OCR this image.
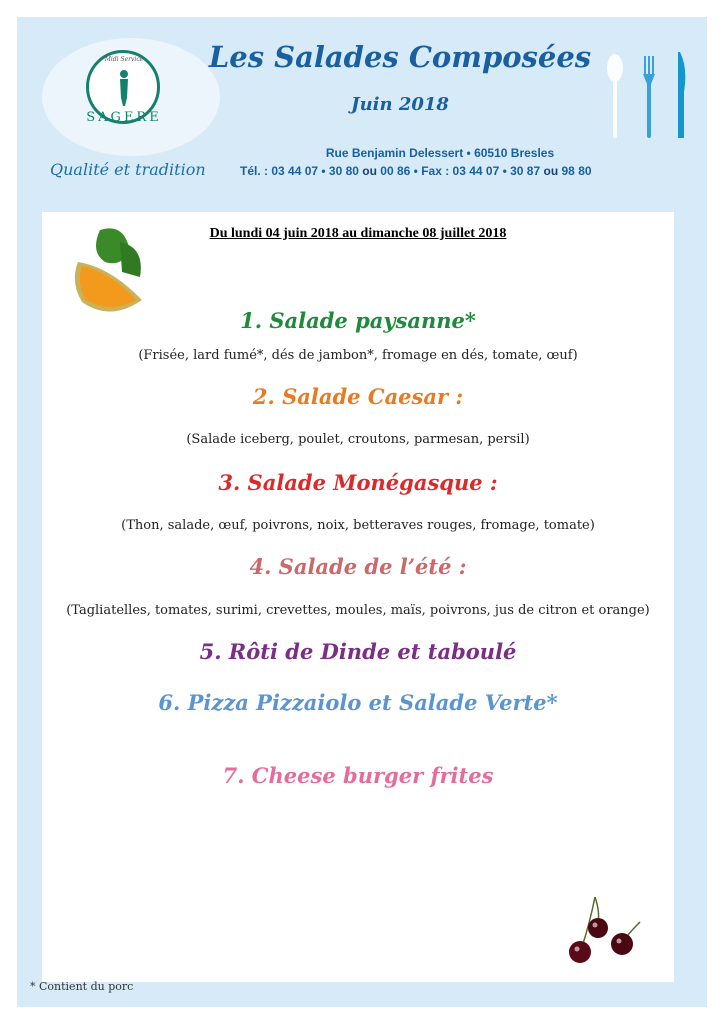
Midi Service
SAGERE
Qualité et tradition
Les Salades Composées
Juin 2018
Rue Benjamin Delessert • 60510 Bresles
Tél. : 03 44 07 • 30 80 ou 00 86 • Fax : 03 44 07 • 30 87 ou 98 80
Du lundi 04 juin 2018 au dimanche 08 juillet 2018
1. Salade paysanne*
(Frisée, lard fumé*, dés de jambon*, fromage en dés, tomate, œuf)
2. Salade Caesar :
(Salade iceberg, poulet, croutons, parmesan, persil)
3. Salade Monégasque :
(Thon, salade, œuf, poivrons, noix, betteraves rouges, fromage, tomate)
4. Salade de l’été :
(Tagliatelles, tomates, surimi, crevettes, moules, maïs, poivrons, jus de citron et orange)
5. Rôti de Dinde et taboulé
6. Pizza Pizzaiolo et Salade Verte*
7. Cheese burger frites
* Contient du porc
